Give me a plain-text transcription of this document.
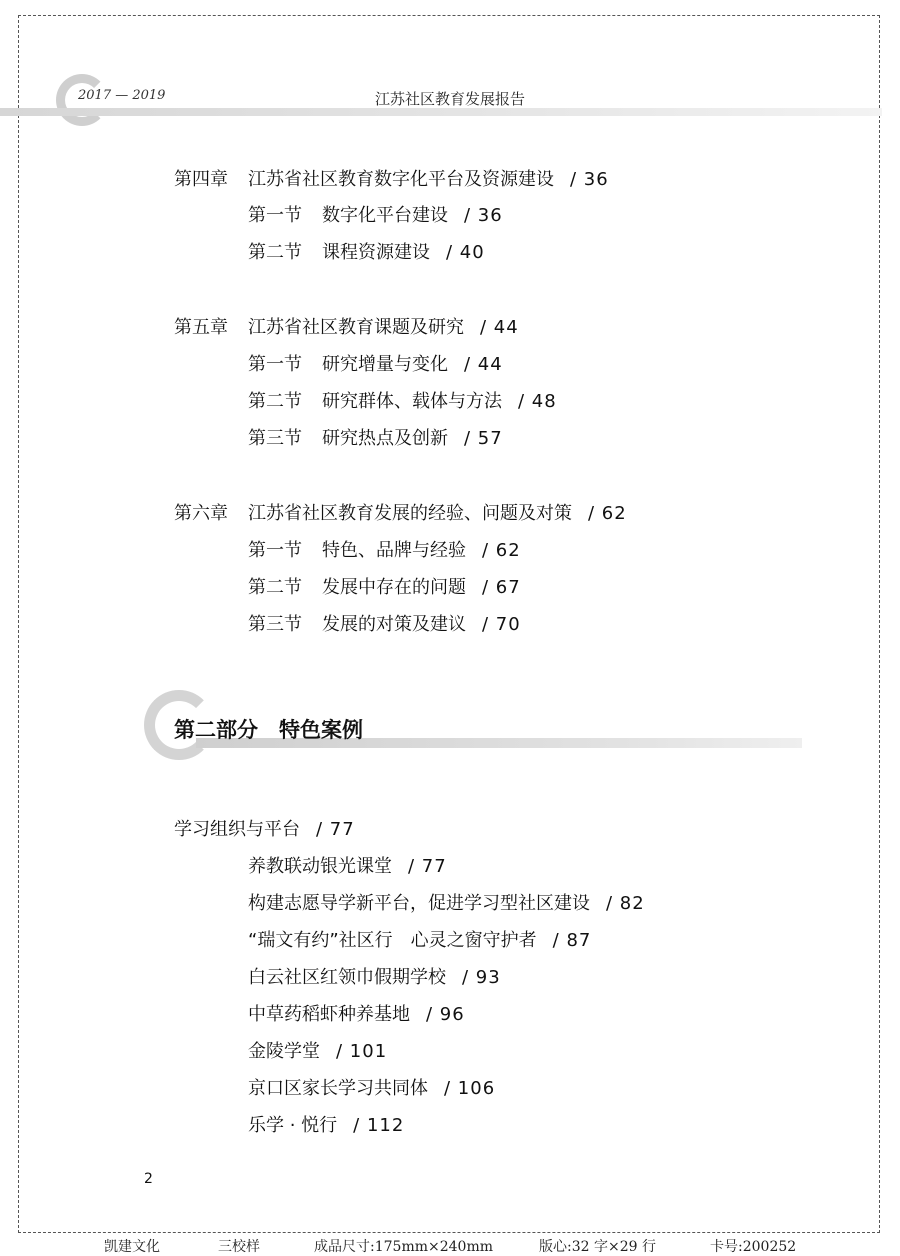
2017 — 2019	江苏社区教育发展报告
第四章 江苏省社区教育数字化平台及资源建设 / 36
第一节 数字化平台建设 / 36
第二节 课程资源建设 / 40
第五章 江苏省社区教育课题及研究 / 44
第一节 研究增量与变化 / 44
第二节 研究群体、载体与方法 / 48
第三节 研究热点及创新 / 57
第六章 江苏省社区教育发展的经验、问题及对策 / 62
第一节 特色、品牌与经验 / 62
第二节 发展中存在的问题 / 67
第三节 发展的对策及建议 / 70
第二部分　特色案例
学习组织与平台 / 77
养教联动银光课堂 / 77
构建志愿导学新平台，促进学习型社区建设 / 82
“瑞文有约”社区行　心灵之窗守护者 / 87
白云社区红领巾假期学校 / 93
中草药稻虾种养基地 / 96
金陵学堂 / 101
京口区家长学习共同体 / 106
乐学 · 悦行 / 112
2
凯建文化	三校样	成品尺寸:175mm×240mm	版心:32 字×29 行	卡号:200252
